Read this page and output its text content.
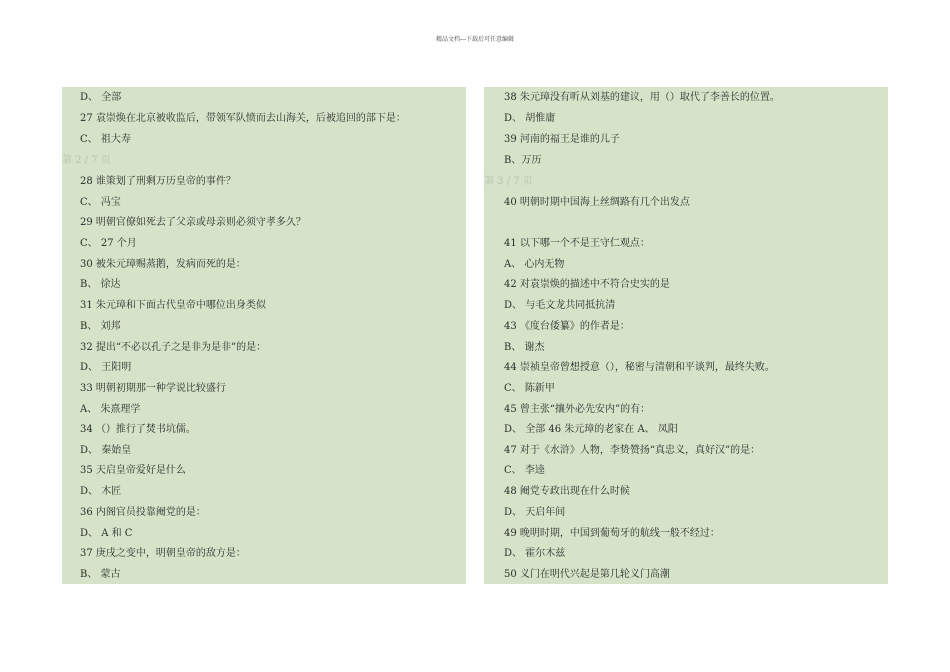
精品文档---下载后可任意编辑
D、 全部
27 袁崇焕在北京被收监后，带领军队愤而去山海关，后被追回的部下是：
C、 祖大寿
第 2 / 7 页
28 谁策划了刑剩万历皇帝的事件？
C、 冯宝
29 明朝官僚如死去了父亲或母亲则必须守孝多久？
C、 27 个月
30 被朱元璋赐蒸鹅，发病而死的是：
B、 徐达
31 朱元璋和下面古代皇帝中哪位出身类似
B、 刘邦
32 提出“不必以孔子之是非为是非”的是：
D、 王阳明
33 明朝初期那一种学说比较盛行
A、 朱熹理学
34 （）推行了焚书坑儒。
D、 秦始皇
35 天启皇帝爱好是什么
D、 木匠
36 内阁官员投靠阉党的是：
D、 A 和 C
37 庚戌之变中，明朝皇帝的敌方是：
B、 蒙古
38 朱元璋没有听从刘基的建议，用（）取代了李善长的位置。
D、 胡惟庸
39 河南的福王是谁的儿子
B、万历
第 3 / 7 页
40 明朝时期中国海上丝绸路有几个出发点
41 以下哪一个不是王守仁观点：
A、 心内无物
42 对袁崇焕的描述中不符合史实的是
D、 与毛文龙共同抵抗清
43 《度台倭纂》的作者是：
B、 谢杰
44 崇祯皇帝曾想授意（），秘密与清朝和平谈判，最终失败。
C、 陈新甲
45 曾主张“攘外必先安内”的有：
D、 全部 46 朱元璋的老家在 A、 凤阳
47 对于《水浒》人物，李贽赞扬“真忠义，真好汉”的是：
C、 李逵
48 阉党专政出现在什么时候
D、 天启年间
49 晚明时期，中国到葡萄牙的航线一般不经过：
D、 霍尔木兹
50 义门在明代兴起是第几轮义门高潮
